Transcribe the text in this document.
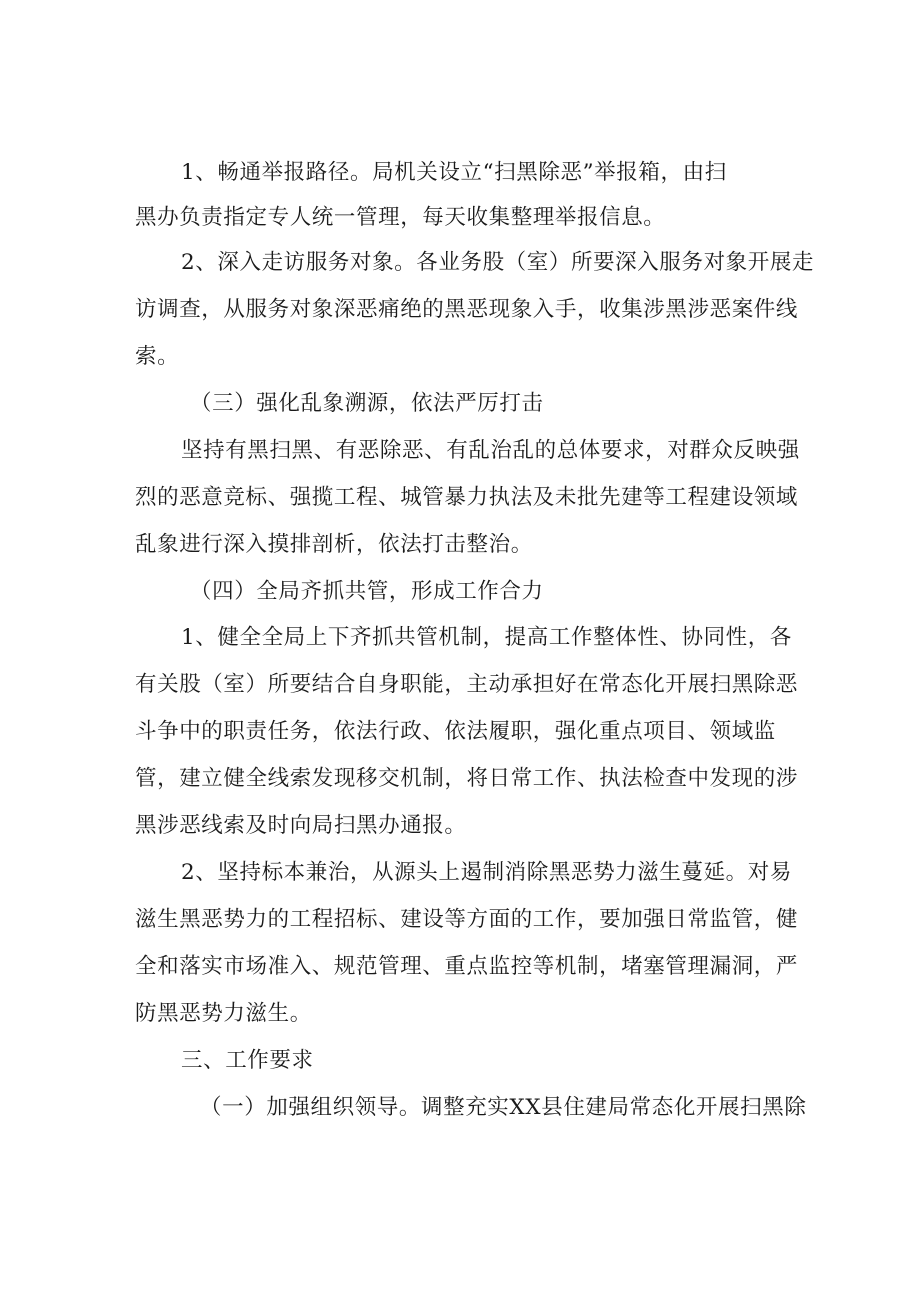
1、畅通举报路径。局机关设立“扫黑除恶”举报箱，由扫
黑办负责指定专人统一管理，每天收集整理举报信息。
2、深入走访服务对象。各业务股（室）所要深入服务对象开展走
访调查，从服务对象深恶痛绝的黑恶现象入手，收集涉黑涉恶案件线
索。
（三）强化乱象溯源，依法严厉打击
坚持有黑扫黑、有恶除恶、有乱治乱的总体要求，对群众反映强
烈的恶意竞标、强揽工程、城管暴力执法及未批先建等工程建设领域
乱象进行深入摸排剖析，依法打击整治。
（四）全局齐抓共管，形成工作合力
1、健全全局上下齐抓共管机制，提高工作整体性、协同性，各
有关股（室）所要结合自身职能，主动承担好在常态化开展扫黑除恶
斗争中的职责任务，依法行政、依法履职，强化重点项目、领域监
管，建立健全线索发现移交机制，将日常工作、执法检查中发现的涉
黑涉恶线索及时向局扫黑办通报。
2、坚持标本兼治，从源头上遏制消除黑恶势力滋生蔓延。对易
滋生黑恶势力的工程招标、建设等方面的工作，要加强日常监管，健
全和落实市场准入、规范管理、重点监控等机制，堵塞管理漏洞，严
防黑恶势力滋生。
三、工作要求
（一）加强组织领导。调整充实XX县住建局常态化开展扫黑除
